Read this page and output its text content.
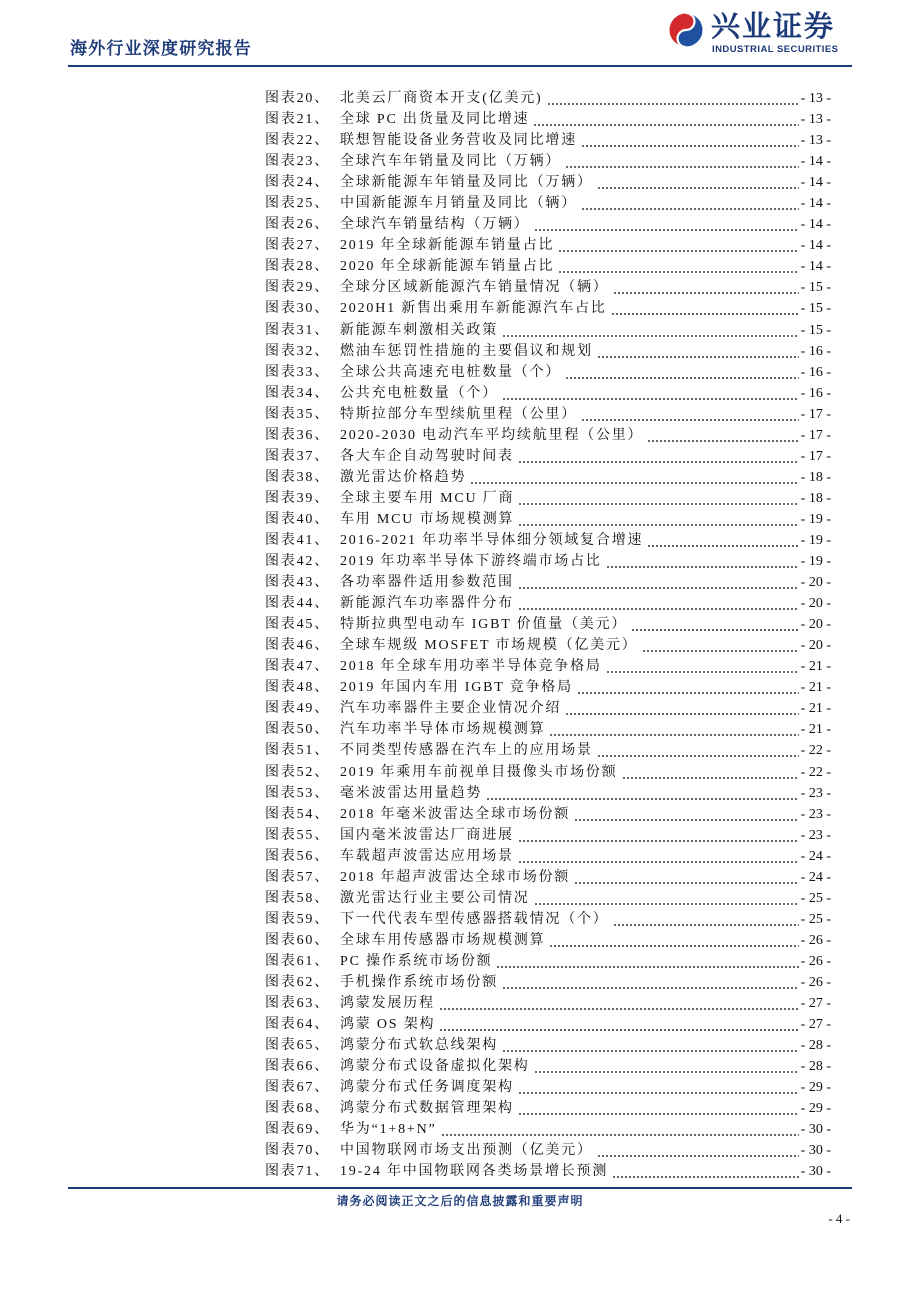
海外行业深度研究报告
兴业证券
INDUSTRIAL SECURITIES
图表20、 北美云厂商资本开支(亿美元)	- 13 -
图表21、 全球 PC 出货量及同比增速	- 13 -
图表22、 联想智能设备业务营收及同比增速	- 13 -
图表23、 全球汽车年销量及同比（万辆）	- 14 -
图表24、 全球新能源车年销量及同比（万辆）	- 14 -
图表25、 中国新能源车月销量及同比（辆）	- 14 -
图表26、 全球汽车销量结构（万辆）	- 14 -
图表27、 2019 年全球新能源车销量占比	- 14 -
图表28、 2020 年全球新能源车销量占比	- 14 -
图表29、 全球分区域新能源汽车销量情况（辆）	- 15 -
图表30、 2020H1 新售出乘用车新能源汽车占比	- 15 -
图表31、 新能源车刺激相关政策	- 15 -
图表32、 燃油车惩罚性措施的主要倡议和规划	- 16 -
图表33、 全球公共高速充电桩数量（个）	- 16 -
图表34、 公共充电桩数量（个）	- 16 -
图表35、 特斯拉部分车型续航里程（公里）	- 17 -
图表36、 2020-2030 电动汽车平均续航里程（公里）	- 17 -
图表37、 各大车企自动驾驶时间表	- 17 -
图表38、 激光雷达价格趋势	- 18 -
图表39、 全球主要车用 MCU 厂商	- 18 -
图表40、 车用 MCU 市场规模测算	- 19 -
图表41、 2016-2021 年功率半导体细分领域复合增速	- 19 -
图表42、 2019 年功率半导体下游终端市场占比	- 19 -
图表43、 各功率器件适用参数范围	- 20 -
图表44、 新能源汽车功率器件分布	- 20 -
图表45、 特斯拉典型电动车 IGBT 价值量（美元）	- 20 -
图表46、 全球车规级 MOSFET 市场规模（亿美元）	- 20 -
图表47、 2018 年全球车用功率半导体竞争格局	- 21 -
图表48、 2019 年国内车用 IGBT 竞争格局	- 21 -
图表49、 汽车功率器件主要企业情况介绍	- 21 -
图表50、 汽车功率半导体市场规模测算	- 21 -
图表51、 不同类型传感器在汽车上的应用场景	- 22 -
图表52、 2019 年乘用车前视单目摄像头市场份额	- 22 -
图表53、 毫米波雷达用量趋势	- 23 -
图表54、 2018 年毫米波雷达全球市场份额	- 23 -
图表55、 国内毫米波雷达厂商进展	- 23 -
图表56、 车载超声波雷达应用场景	- 24 -
图表57、 2018 年超声波雷达全球市场份额	- 24 -
图表58、 激光雷达行业主要公司情况	- 25 -
图表59、 下一代代表车型传感器搭载情况（个）	- 25 -
图表60、 全球车用传感器市场规模测算	- 26 -
图表61、 PC 操作系统市场份额	- 26 -
图表62、 手机操作系统市场份额	- 26 -
图表63、 鸿蒙发展历程	- 27 -
图表64、 鸿蒙 OS 架构	- 27 -
图表65、 鸿蒙分布式软总线架构	- 28 -
图表66、 鸿蒙分布式设备虚拟化架构	- 28 -
图表67、 鸿蒙分布式任务调度架构	- 29 -
图表68、 鸿蒙分布式数据管理架构	- 29 -
图表69、 华为“1+8+N”	- 30 -
图表70、 中国物联网市场支出预测（亿美元）	- 30 -
图表71、 19-24 年中国物联网各类场景增长预测	- 30 -
请务必阅读正文之后的信息披露和重要声明
- 4 -
